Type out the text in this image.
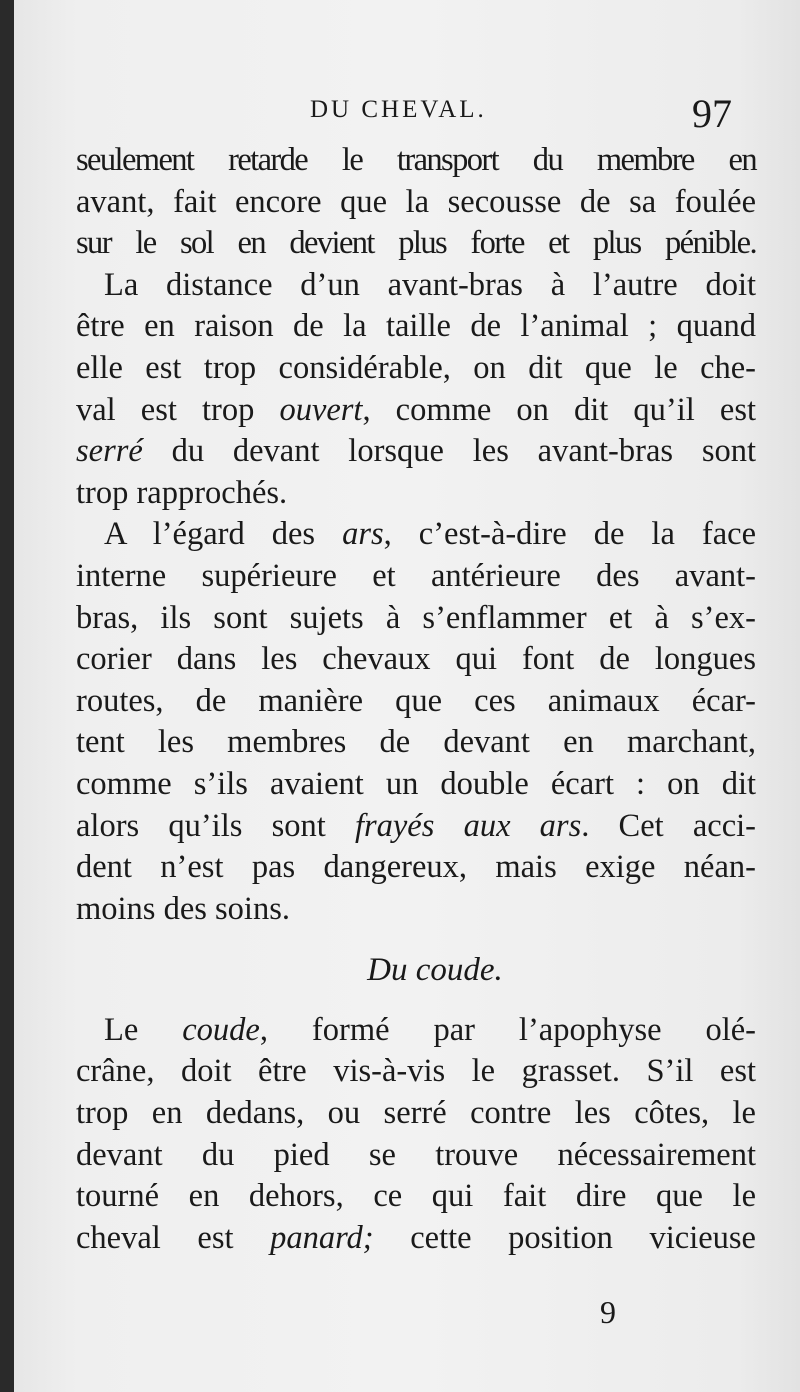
DU CHEVAL.	97
seulement retarde le transport du membre en
avant, fait encore que la secousse de sa foulée
sur le sol en devient plus forte et plus pénible.
La distance d’un avant-bras à l’autre doit
être en raison de la taille de l’animal ; quand
elle est trop considérable, on dit que le che-
val est trop ouvert, comme on dit qu’il est
serré du devant lorsque les avant-bras sont
trop rapprochés.
A l’égard des ars, c’est-à-dire de la face
interne supérieure et antérieure des avant-
bras, ils sont sujets à s’enflammer et à s’ex-
corier dans les chevaux qui font de longues
routes, de manière que ces animaux écar-
tent les membres de devant en marchant,
comme s’ils avaient un double écart : on dit
alors qu’ils sont frayés aux ars. Cet acci-
dent n’est pas dangereux, mais exige néan-
moins des soins.
Du coude.
Le coude, formé par l’apophyse olé-
crâne, doit être vis-à-vis le grasset. S’il est
trop en dedans, ou serré contre les côtes, le
devant du pied se trouve nécessairement
tourné en dehors, ce qui fait dire que le
cheval est panard; cette position vicieuse
9
